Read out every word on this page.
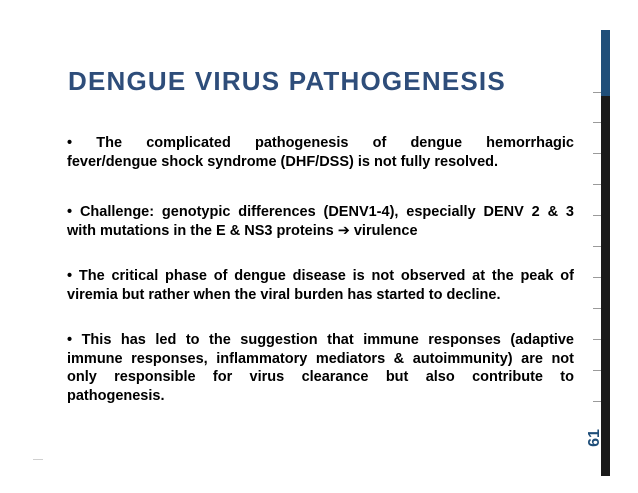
DENGUE VIRUS PATHOGENESIS
• The complicated pathogenesis of dengue hemorrhagic
fever/dengue shock syndrome (DHF/DSS) is not fully resolved.
• Challenge: genotypic differences (DENV1-4), especially DENV 2 & 3
with mutations in the E & NS3 proteins ➔ virulence
• The critical phase of dengue disease is not observed at the peak of
viremia but rather when the viral burden has started to decline.
• This has led to the suggestion that immune responses (adaptive
immune responses, inflammatory mediators & autoimmunity) are not
only responsible for virus clearance but also contribute to
pathogenesis.
61
